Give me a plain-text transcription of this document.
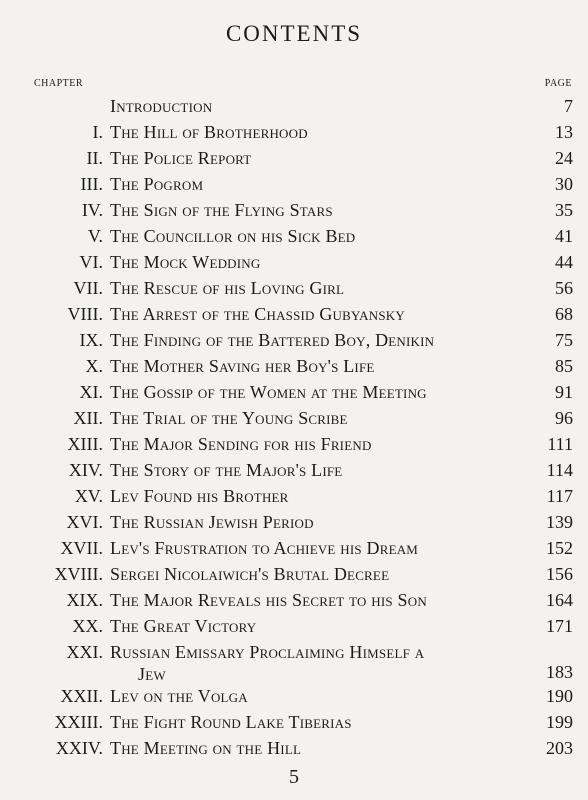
CONTENTS
CHAPTER	PAGE
Introduction	7
I. The Hill of Brotherhood	13
II. The Police Report	24
III. The Pogrom	30
IV. The Sign of the Flying Stars	35
V. The Councillor on his Sick Bed	41
VI. The Mock Wedding	44
VII. The Rescue of his Loving Girl	56
VIII. The Arrest of the Chassid Gubyansky	68
IX. The Finding of the Battered Boy, Denikin	75
X. The Mother Saving her Boy's Life	85
XI. The Gossip of the Women at the Meeting	91
XII. The Trial of the Young Scribe	96
XIII. The Major Sending for his Friend	111
XIV. The Story of the Major's Life	114
XV. Lev Found his Brother	117
XVI. The Russian Jewish Period	139
XVII. Lev's Frustration to Achieve his Dream	152
XVIII. Sergei Nicolaiwich's Brutal Decree	156
XIX. The Major Reveals his Secret to his Son	164
XX. The Great Victory	171
XXI. Russian Emissary Proclaiming Himself a
Jew	183
XXII. Lev on the Volga	190
XXIII. The Fight Round Lake Tiberias	199
XXIV. The Meeting on the Hill	203
5
